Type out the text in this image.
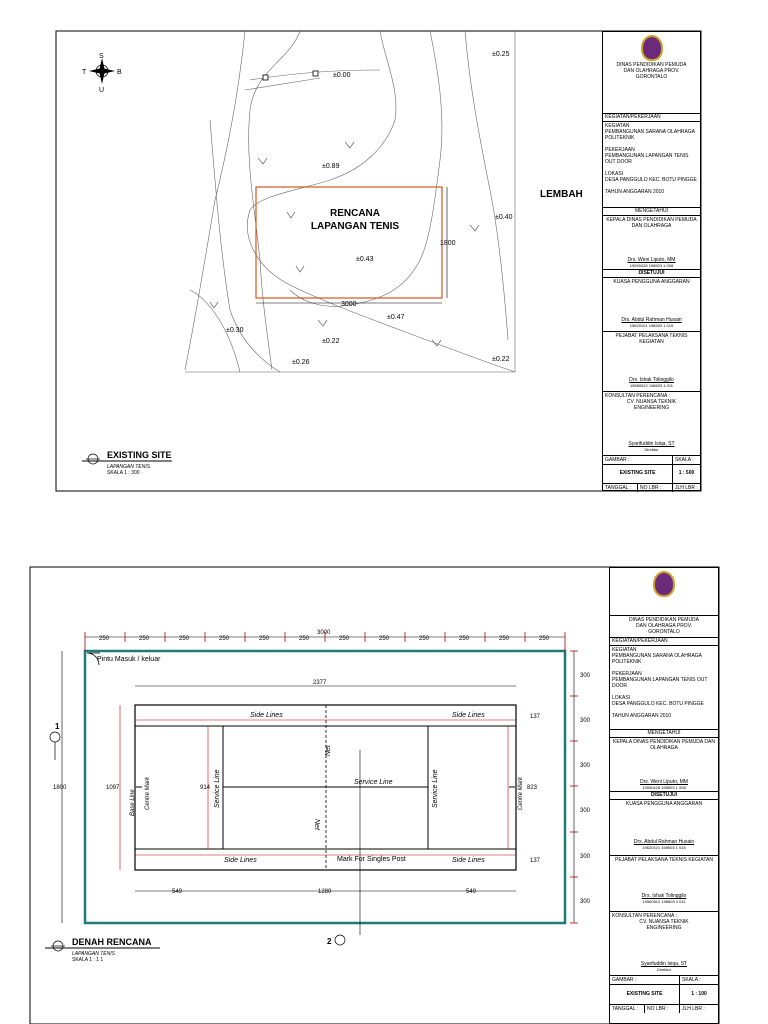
S
U
T	B
±0.25
±0.00
±0.89
±0.43
±0.40
±0.30
±0.22
±0.47
±0.26	±0.22
RENCANA
LAPANGAN TENIS
3000
1800
LEMBAH
EXISTING SITE
LAPANGAN TENIS
SKALA 1 : 300
3000
250	250	250	250	250	250	250	250	250	250	250	250
Pintu Masuk / keluar
2377
Side Lines	Side Lines
Side Lines	Side Lines
Net
Net
Service Line
Service Line	Service Line
Base Line Centre Mark	Centre Mark
Mark For Singles Post
1800	1097	914	823
300
300
300
300
300
300
137
137
549	1280	549
1
2
DENAH RENCANA
LAPANGAN TENIS
SKALA 1 : 1 1
DINAS PENDIDIKAN PEMUDA
DAN OLAHRAGA PROV.
GORONTALO
KEGIATAN/PEKERJAAN
KEGIATAN
PEMBANGUNAN SARANA OLAHRAGA
POLITEKNIK

PEKERJAAN
PEMBANGUNAN LAPANGAN TENIS OUT DOOR

LOKASI
DESA PANGGULO KEC. BOTU PINGGE

TAHUN ANGGARAN 2010
MENGETAHUI
KEPALA DINAS PENDIDIKAN PEMUDA DAN OLAHRAGA
Drs. Weni Liputo, MM
19590428 198503 1 008
DISETUJUI
KUASA PENGGUNA ANGGARAN
Drs. Abdul Rahman Husain
19620101 198903 1 015
PEJABAT PELAKSANA TEKNIS KEGIATAN
Drs. Ishak Tolinggilo
19580512 198603 1 011
KONSULTAN PERENCANA :
CV. NUANSA TEKNIK
ENGINEERING
Syarifuddin Isiqa, ST
Direktur
GAMBAR :	SKALA :
EXISTING SITE	1 : 500
TANGGAL :	NO LBR :	JLH LBR :
DINAS PENDIDIKAN PEMUDA
DAN OLAHRAGA PROV.
GORONTALO
KEGIATAN/PEKERJAAN
KEGIATAN
PEMBANGUNAN SARANA OLAHRAGA
POLITEKNIK

PEKERJAAN
PEMBANGUNAN LAPANGAN TENIS OUT DOOR

LOKASI
DESA PANGGULO KEC. BOTU PINGGE

TAHUN ANGGARAN 2010
MENGETAHUI
KEPALA DINAS PENDIDIKAN PEMUDA DAN OLAHRAGA
Drs. Weni Liputo, MM
19590428 198503 1 008
DISETUJUI
KUASA PENGGUNA ANGGARAN
Drs. Abdul Rahman Husain
19620101 198903 1 015
PEJABAT PELAKSANA TEKNIS KEGIATAN
Drs. Ishak Tolinggilo
19580512 198603 1 011
KONSULTAN PERENCANA :
CV. NUANSA TEKNIK
ENGINEERING
Syarifuddin Isiqa, ST
Direktur
GAMBAR :	SKALA :
EXISTING SITE	1 : 100
TANGGAL :	NO LBR :	JLH LBR :
